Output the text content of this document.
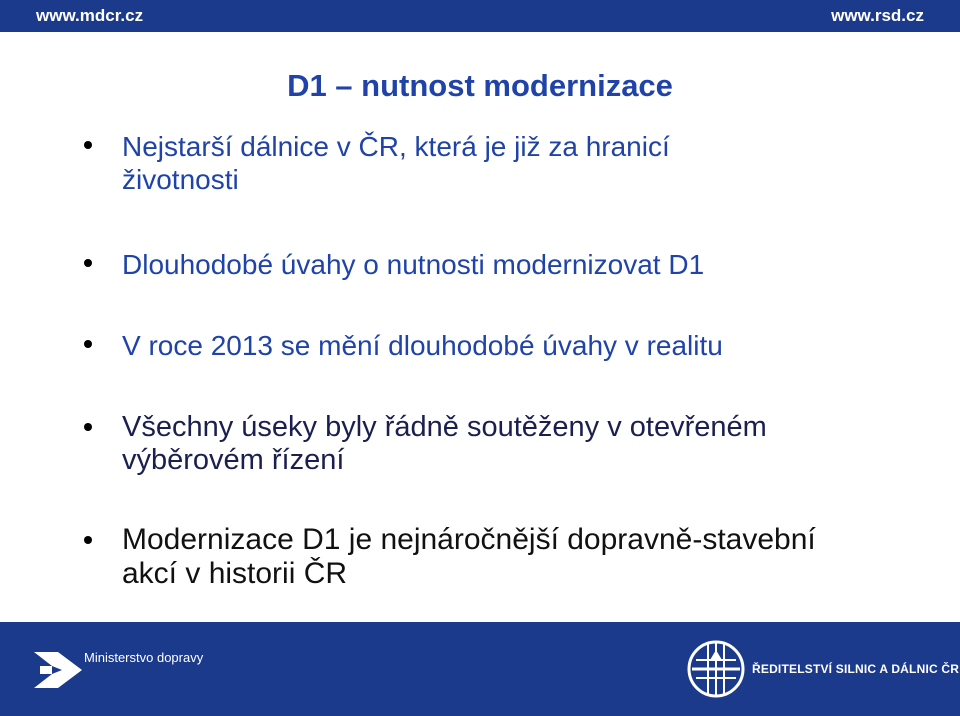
www.mdcr.cz	www.rsd.cz
D1 – nutnost modernizace
Nejstarší dálnice v ČR, která je již za hranicí
životnosti
Dlouhodobé úvahy o nutnosti modernizovat D1
V roce 2013 se mění dlouhodobé úvahy v realitu
Všechny úseky byly řádně soutěženy v otevřeném
výběrovém řízení
Modernizace D1 je nejnáročnější dopravně-stavební
akcí v historii ČR
Ministerstvo dopravy
ŘEDITELSTVÍ SILNIC A DÁLNIC ČR
